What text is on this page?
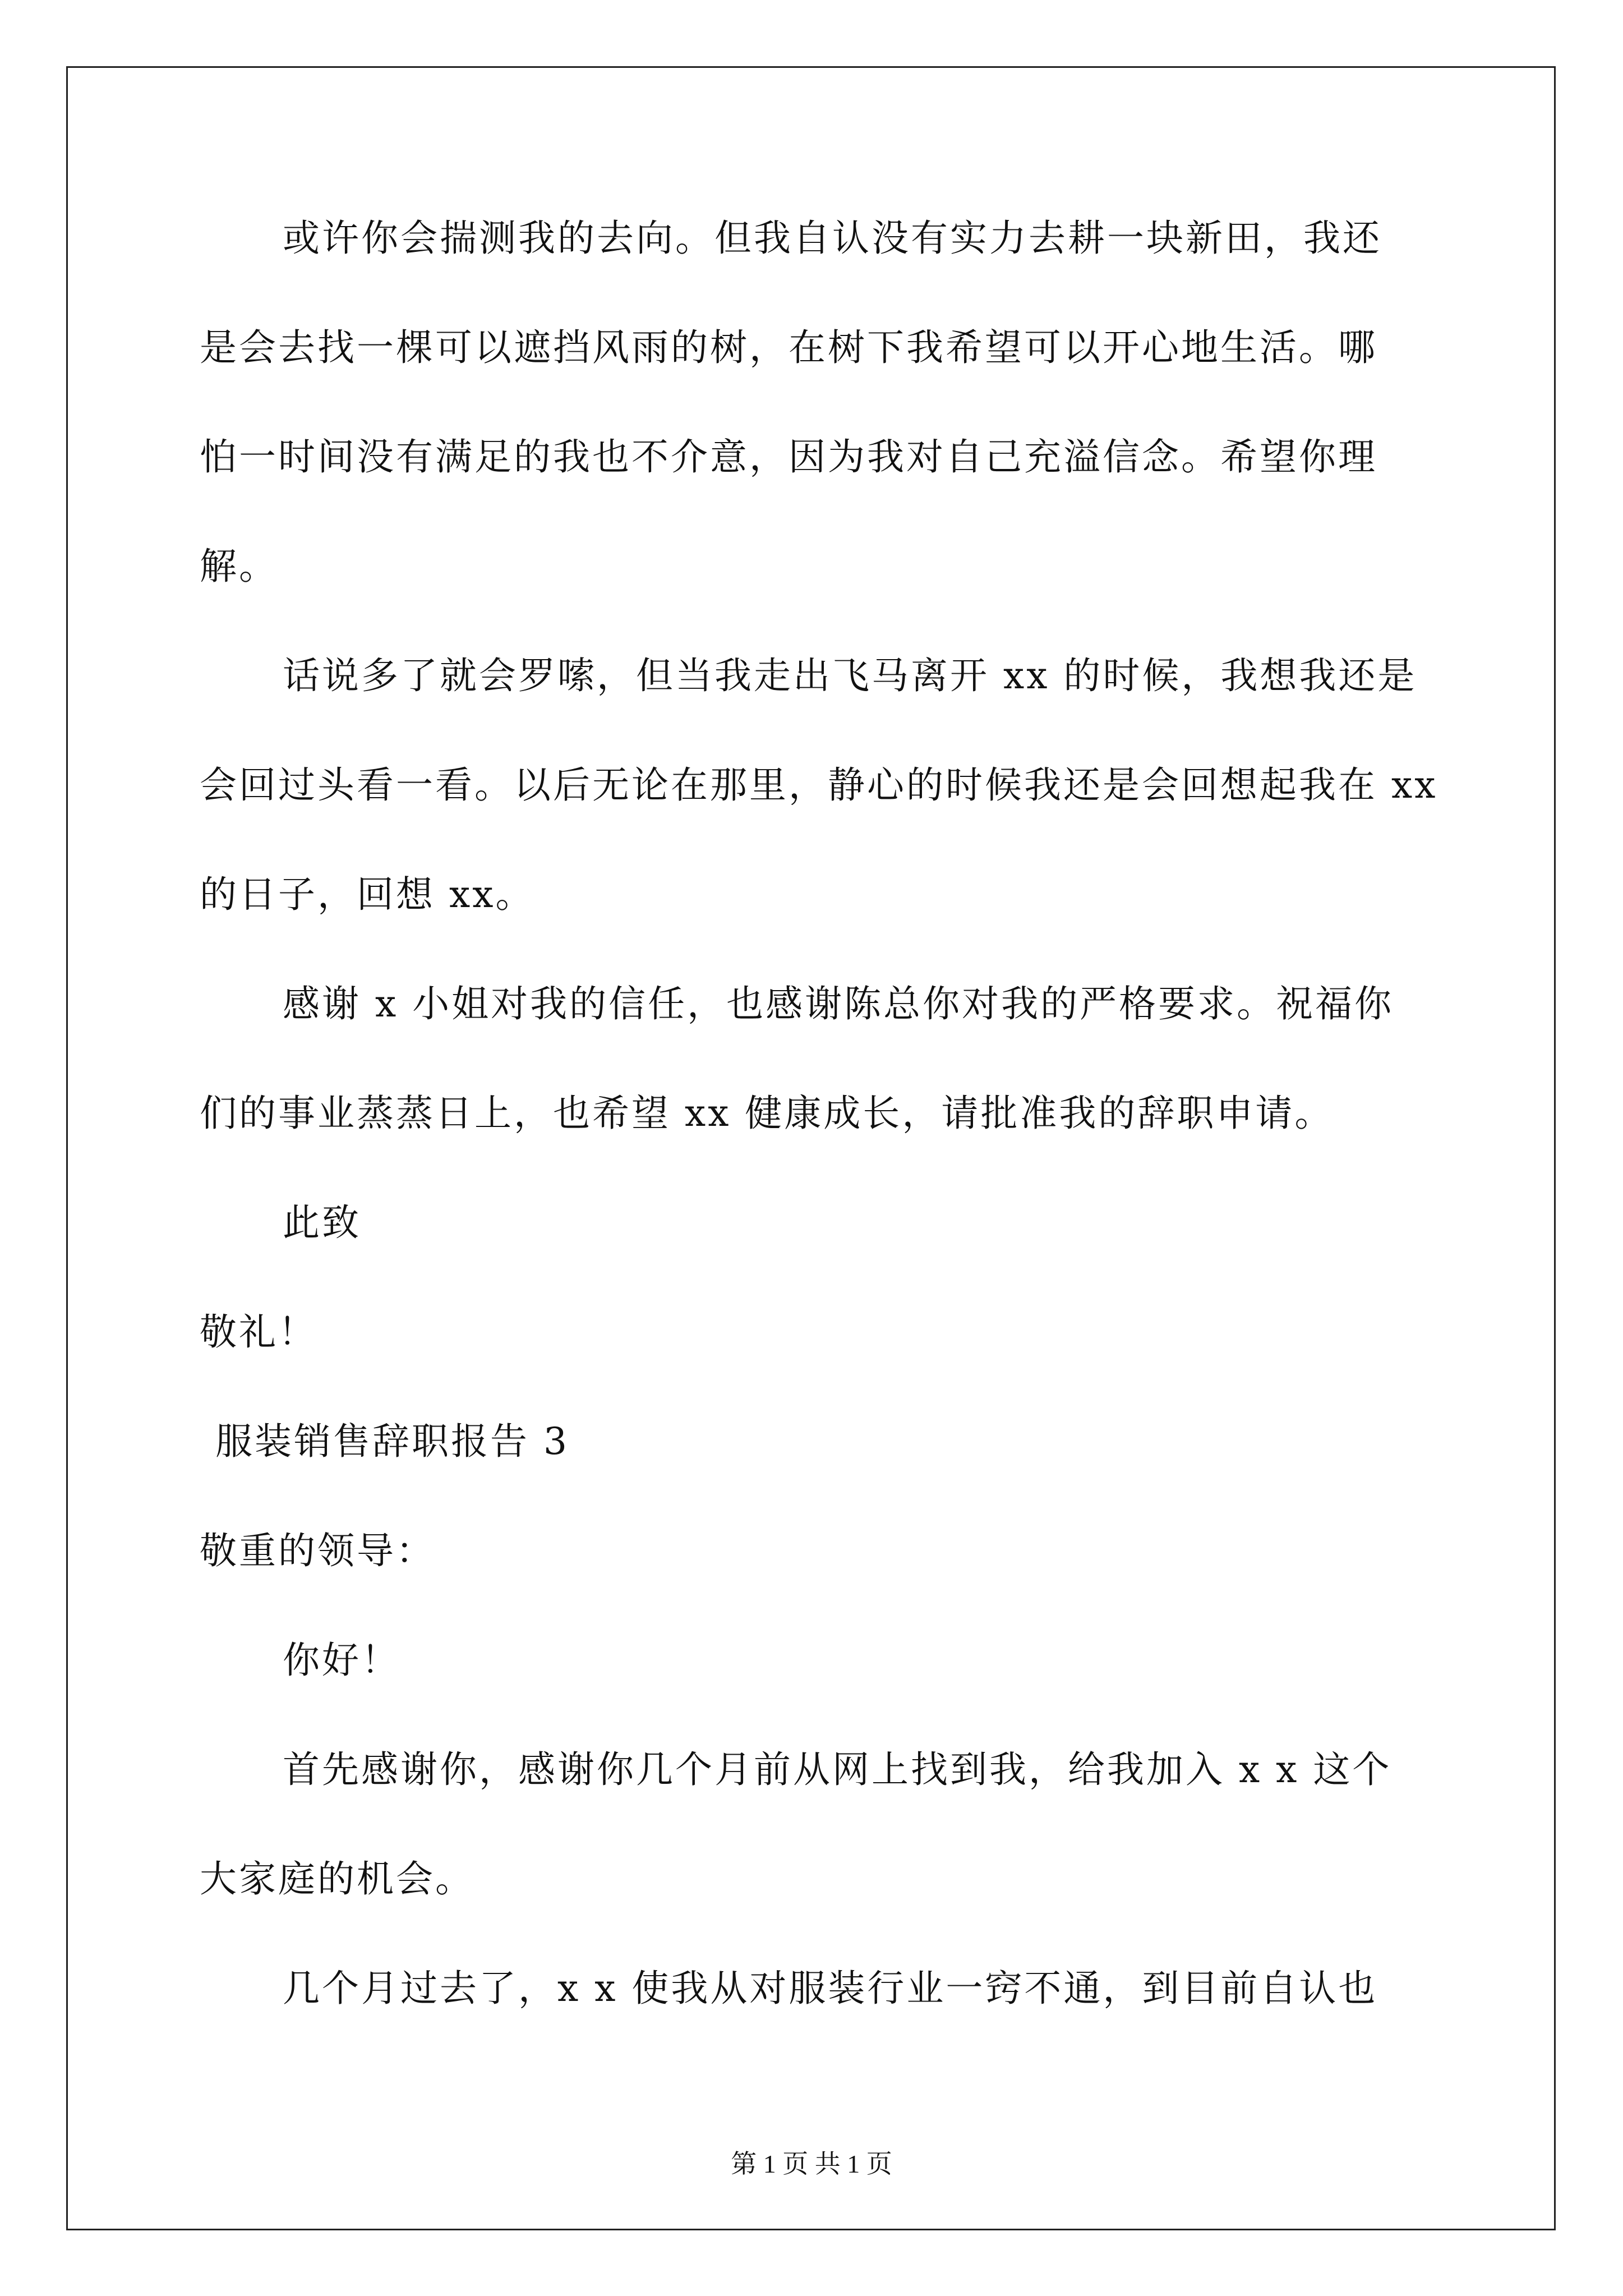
或许你会揣测我的去向。但我自认没有实力去耕一块新田，我还
是会去找一棵可以遮挡风雨的树，在树下我希望可以开心地生活。哪
怕一时间没有满足的我也不介意，因为我对自己充溢信念。希望你理
解。
话说多了就会罗嗦，但当我走出飞马离开 xx 的时候，我想我还是
会回过头看一看。以后无论在那里，静心的时候我还是会回想起我在 xx
的日子，回想 xx。
感谢 x 小姐对我的信任，也感谢陈总你对我的严格要求。祝福你
们的事业蒸蒸日上，也希望 xx 健康成长，请批准我的辞职申请。
此致
敬礼！
服装销售辞职报告 3
敬重的领导：
你好！
首先感谢你，感谢你几个月前从网上找到我，给我加入 x x 这个
大家庭的机会。
几个月过去了，x x 使我从对服装行业一窍不通，到目前自认也
第 1 页 共 1 页
